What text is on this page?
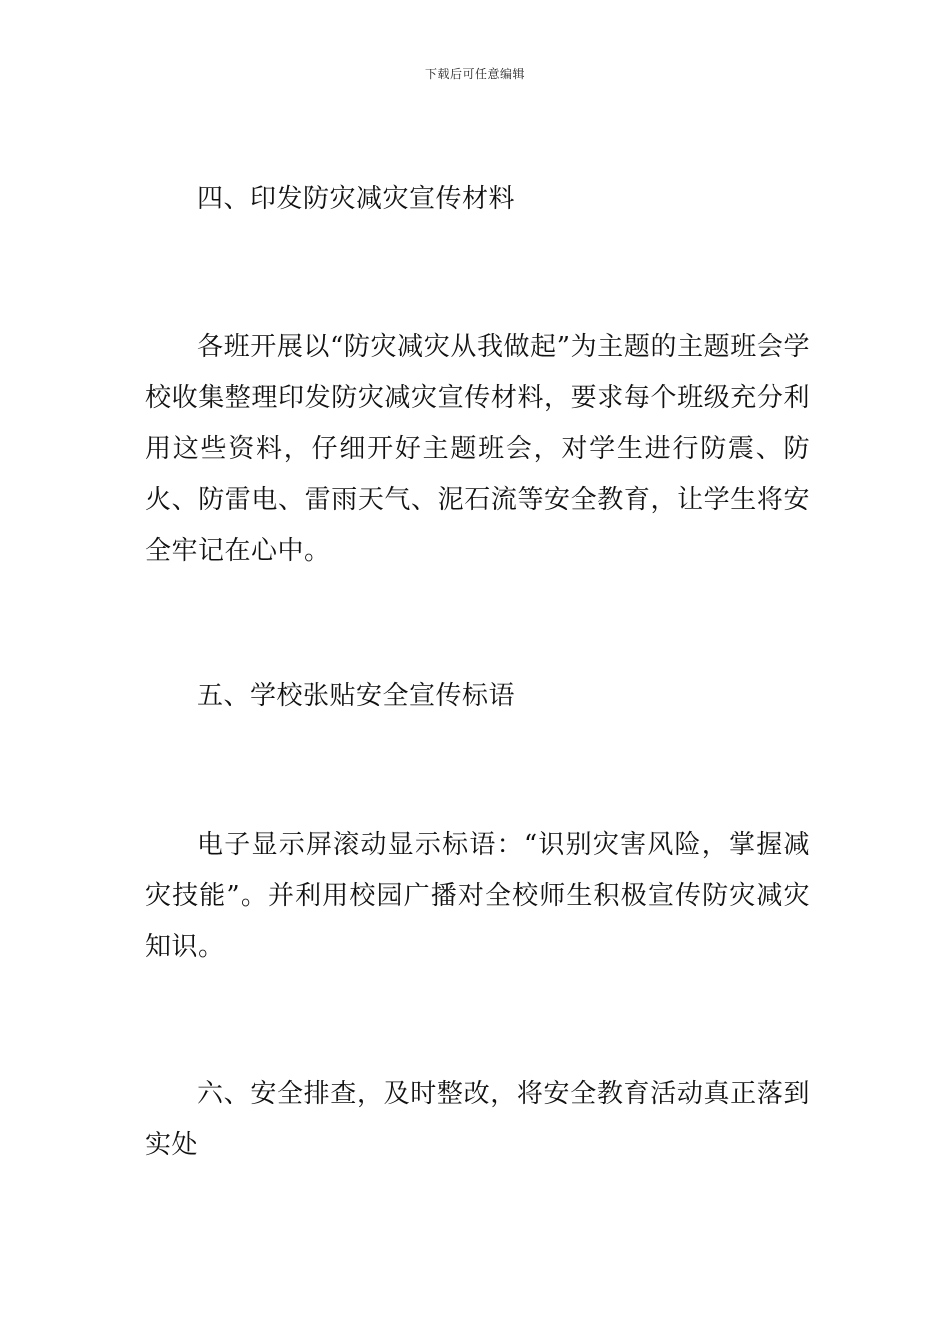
下载后可任意编辑

四、印发防灾减灾宣传材料

各班开展以“防灾减灾从我做起”为主题的主题班会学校收集整理印发防灾减灾宣传材料，要求每个班级充分利用这些资料，仔细开好主题班会，对学生进行防震、防火、防雷电、雷雨天气、泥石流等安全教育，让学生将安全牢记在心中。

五、学校张贴安全宣传标语

电子显示屏滚动显示标语：“识别灾害风险，掌握减灾技能”。并利用校园广播对全校师生积极宣传防灾减灾知识。

六、安全排查，及时整改，将安全教育活动真正落到实处
